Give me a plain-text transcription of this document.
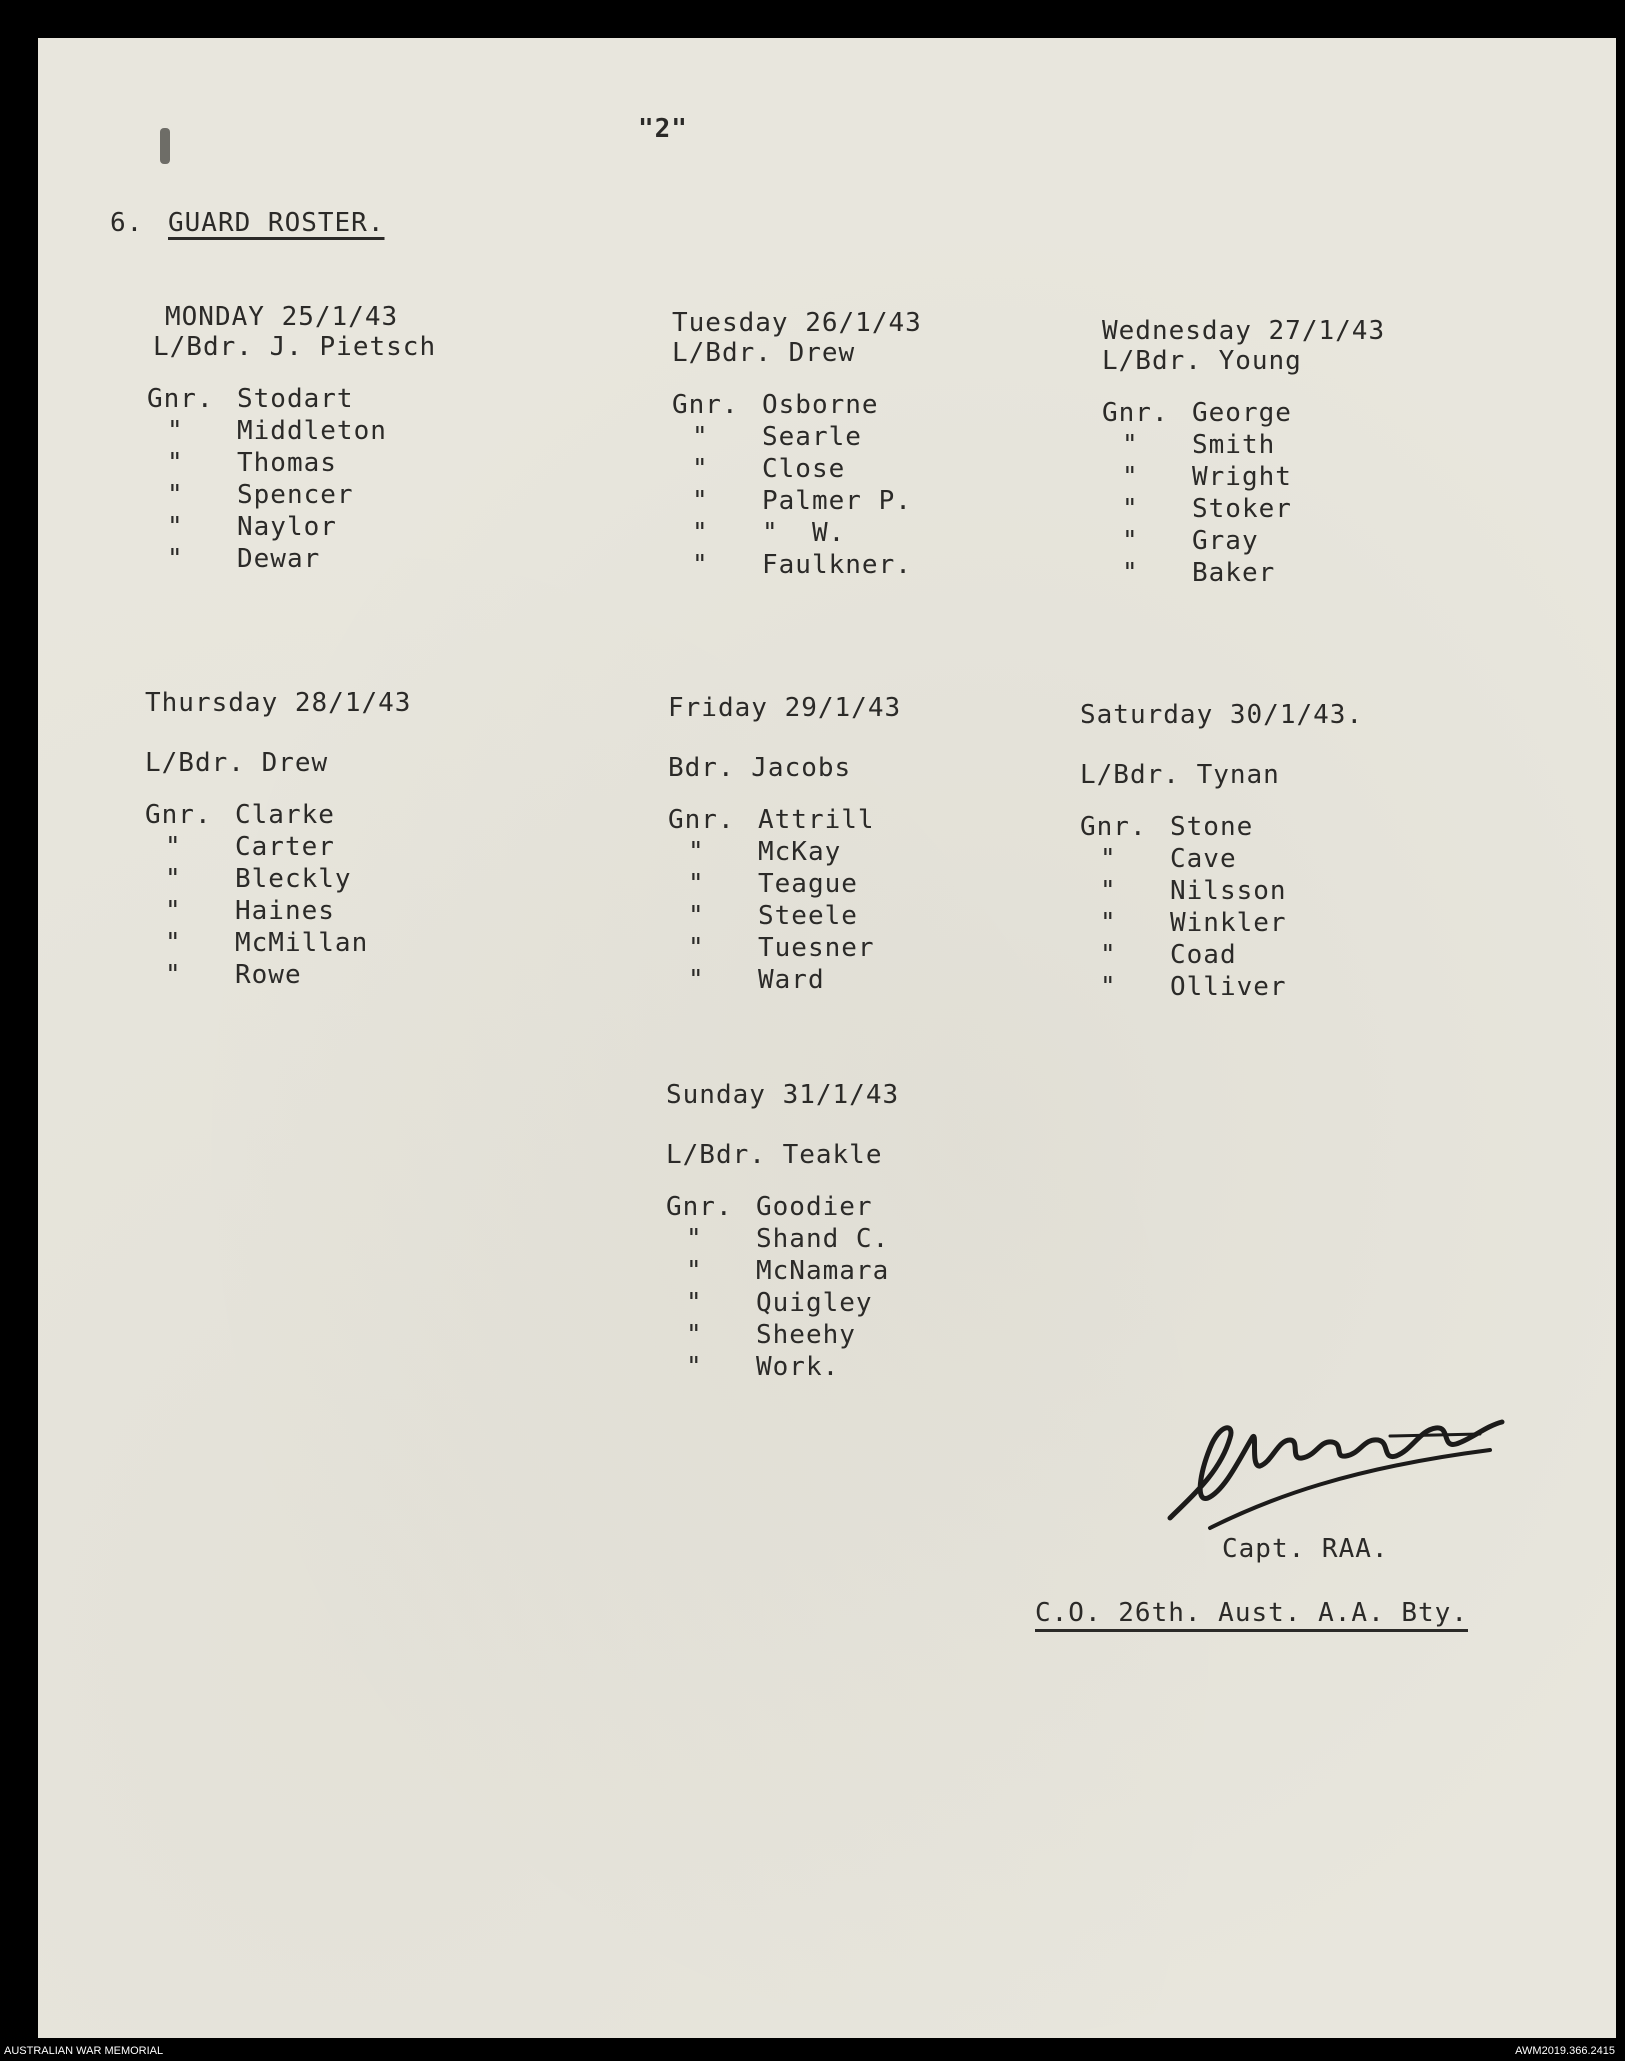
"2"
6. GUARD ROSTER.
MONDAY 25/1/43
L/Bdr. J. Pietsch
Gnr. Stodart
"	Middleton
"	Thomas
"	Spencer
"	Naylor
"	Dewar
Tuesday 26/1/43
L/Bdr. Drew
Gnr. Osborne
"	Searle
"	Close
"	Palmer P.
"	"  W.
"	Faulkner.
Wednesday 27/1/43
L/Bdr. Young
Gnr. George
"	Smith
"	Wright
"	Stoker
"	Gray
"	Baker
Thursday 28/1/43
L/Bdr. Drew
Gnr. Clarke
"	Carter
"	Bleckly
"	Haines
"	McMillan
"	Rowe
Friday 29/1/43
Bdr. Jacobs
Gnr. Attrill
"	McKay
"	Teague
"	Steele
"	Tuesner
"	Ward
Saturday 30/1/43.
L/Bdr. Tynan
Gnr. Stone
"	Cave
"	Nilsson
"	Winkler
"	Coad
"	Olliver
Sunday 31/1/43
L/Bdr. Teakle
Gnr. Goodier
"	Shand C.
"	McNamara
"	Quigley
"	Sheehy
"	Work.
Capt. RAA.
C.O. 26th. Aust. A.A. Bty.
AUSTRALIAN WAR MEMORIAL	AWM2019.366.2415
